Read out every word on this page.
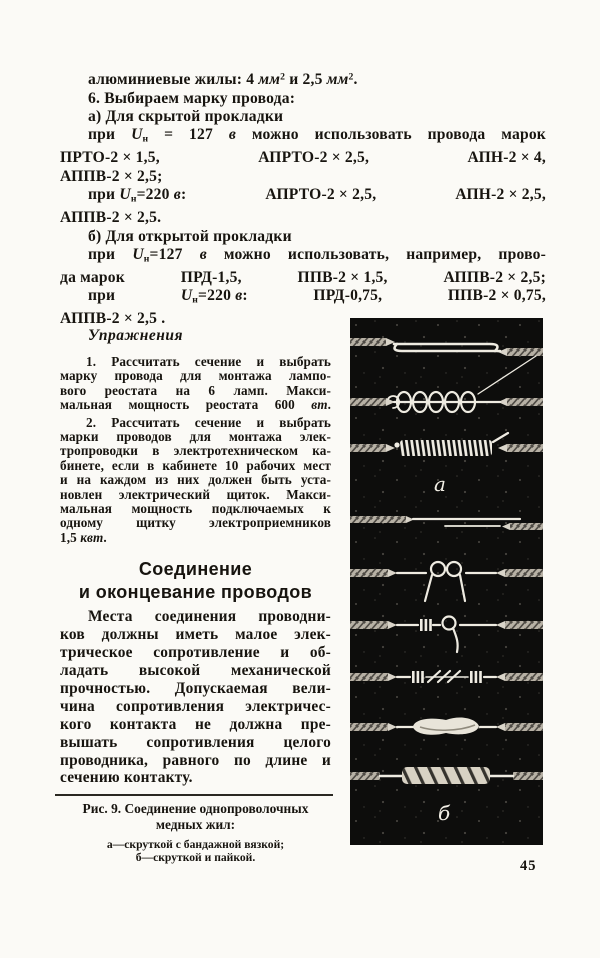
алюминиевые жилы: 4 $мм^2$ и 2,5 $мм^2$.
6. Выбираем марку провода:
а) Для скрытой прокладки
при $U_н = 127$ в можно использовать провода марок
ПРТО-2 × 1,5,	АПРТО-2 × 2,5,	АПН-2 × 4,
АППВ-2 × 2,5;
при $U_н=220$ в:	АПРТО-2 × 2,5,	АПН-2 × 2,5,
АППВ-2 × 2,5.
б) Для открытой прокладки
при $U_н=127$ в можно использовать, например, прово-
да марок	ПРД-1,5,	ППВ-2 × 1,5,	АППВ-2 × 2,5;
при	$U_н=220$ в:	ПРД-0,75,	ППВ-2 × 0,75,
АППВ-2 × 2,5 .
Упражнения
1. Рассчитать сечение и выбрать
марку провода для монтажа лампо-
вого реостата на 6 ламп. Макси-
мальная мощность реостата 600 вт.
2. Рассчитать сечение и выбрать
марки проводов для монтажа элек-
тропроводки в электротехническом ка-
бинете, если в кабинете 10 рабочих мест
и на каждом из них должен быть уста-
новлен электрический щиток. Макси-
мальная мощность подключаемых к
одному щитку электроприемников
1,5 квт.
Соединение
и оконцевание проводов
Места соединения проводни-
ков должны иметь малое элек-
трическое сопротивление и об-
ладать высокой механической
прочностью. Допускаемая вели-
чина сопротивления электричес-
кого контакта не должна пре-
вышать сопротивления целого
проводника, равного по длине и
сечению контакту.
Рис. 9. Соединение однопроволочных
медных жил:
а—скруткой с бандажной вязкой;
б—скруткой и пайкой.
а
б
45
